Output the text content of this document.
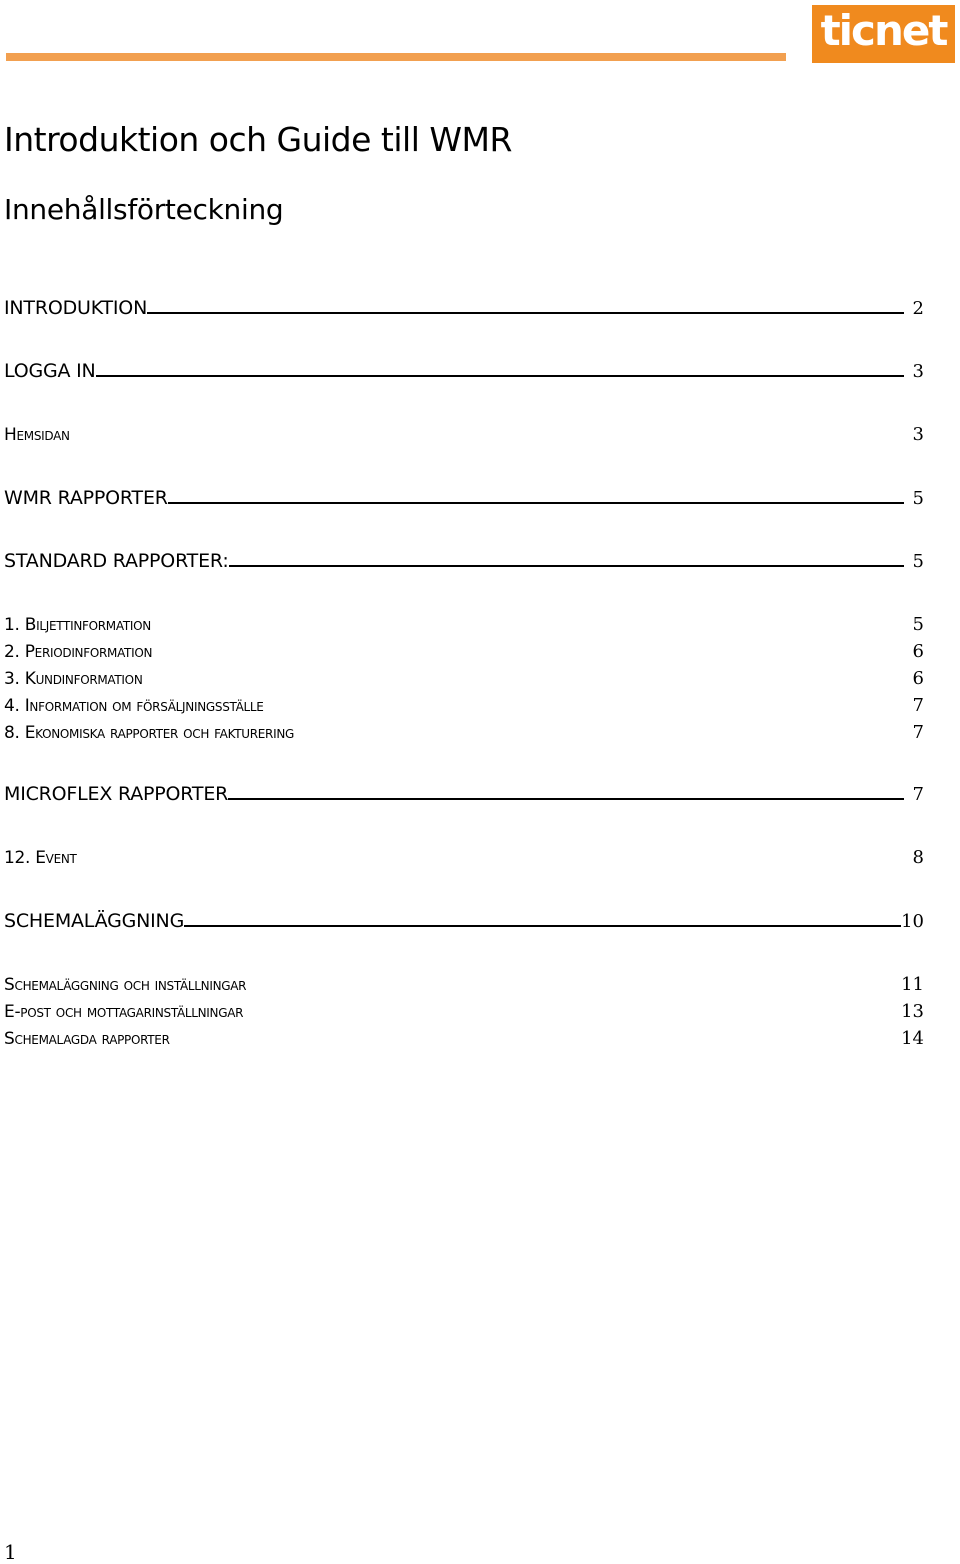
ticnet
Introduktion och Guide till WMR
Innehållsförteckning
INTRODUKTION	2
LOGGA IN	3
Hemsidan	3
WMR RAPPORTER	5
STANDARD RAPPORTER:	5
1. Biljettinformation	5
2. Periodinformation	6
3. Kundinformation	6
4. Information om försäljningsställe	7
8. Ekonomiska rapporter och fakturering	7
MICROFLEX RAPPORTER	7
12. Event	8
SCHEMALÄGGNING	10
Schemaläggning och inställningar	11
E-post och mottagarinställningar	13
Schemalagda rapporter	14
1
